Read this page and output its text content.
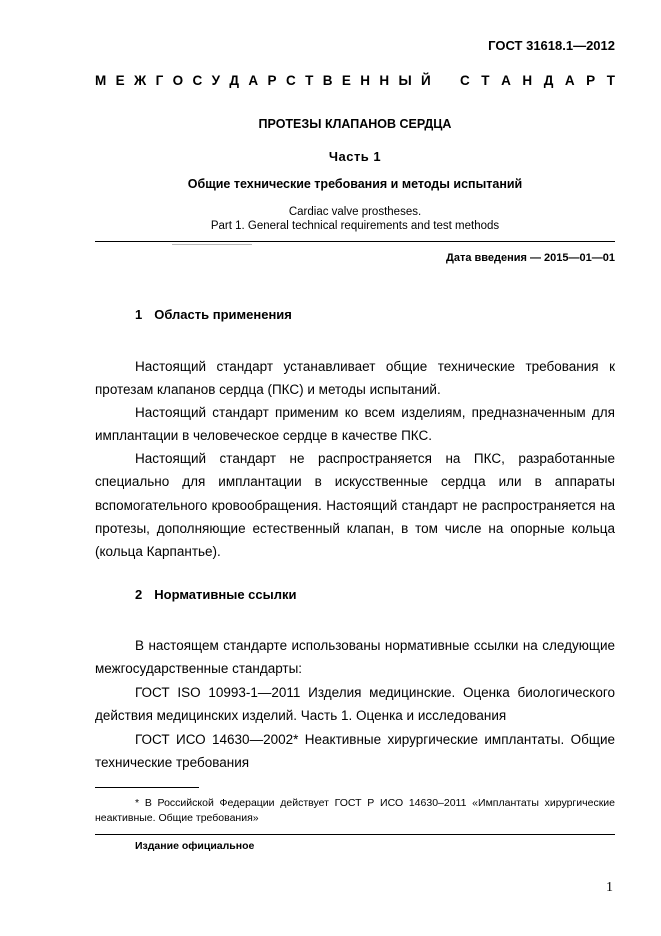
ГОСТ 31618.1—2012
М Е Ж Г О С У Д А Р С Т В Е Н Н Ы Й С Т А Н Д А Р Т
ПРОТЕЗЫ КЛАПАНОВ СЕРДЦА
Часть 1
Общие технические требования и методы испытаний
Cardiac valve prostheses.
Part 1. General technical requirements and test methods
Дата введения — 2015—01—01
1 Область применения

Настоящий стандарт устанавливает общие технические требования к протезам клапанов сердца (ПКС) и методы испытаний.

Настоящий стандарт применим ко всем изделиям, предназначенным для имплантации в человеческое сердце в качестве ПКС.

Настоящий стандарт не распространяется на ПКС, разработанные специально для имплантации в искусственные сердца или в аппараты вспомогательного кровообращения. Настоящий стандарт не распространяется на протезы, дополняющие естественный клапан, в том числе на опорные кольца (кольца Карпантье).

2 Нормативные ссылки

В настоящем стандарте использованы нормативные ссылки на следующие межгосударственные стандарты:

ГОСТ ISO 10993-1—2011 Изделия медицинские. Оценка биологического действия медицинских изделий. Часть 1. Оценка и исследования

ГОСТ ИСО 14630—2002* Неактивные хирургические имплантаты. Общие технические требования

* В Российской Федерации действует ГОСТ Р ИСО 14630–2011 «Имплантаты хирургические неактивные. Общие требования»

Издание официальное
1
